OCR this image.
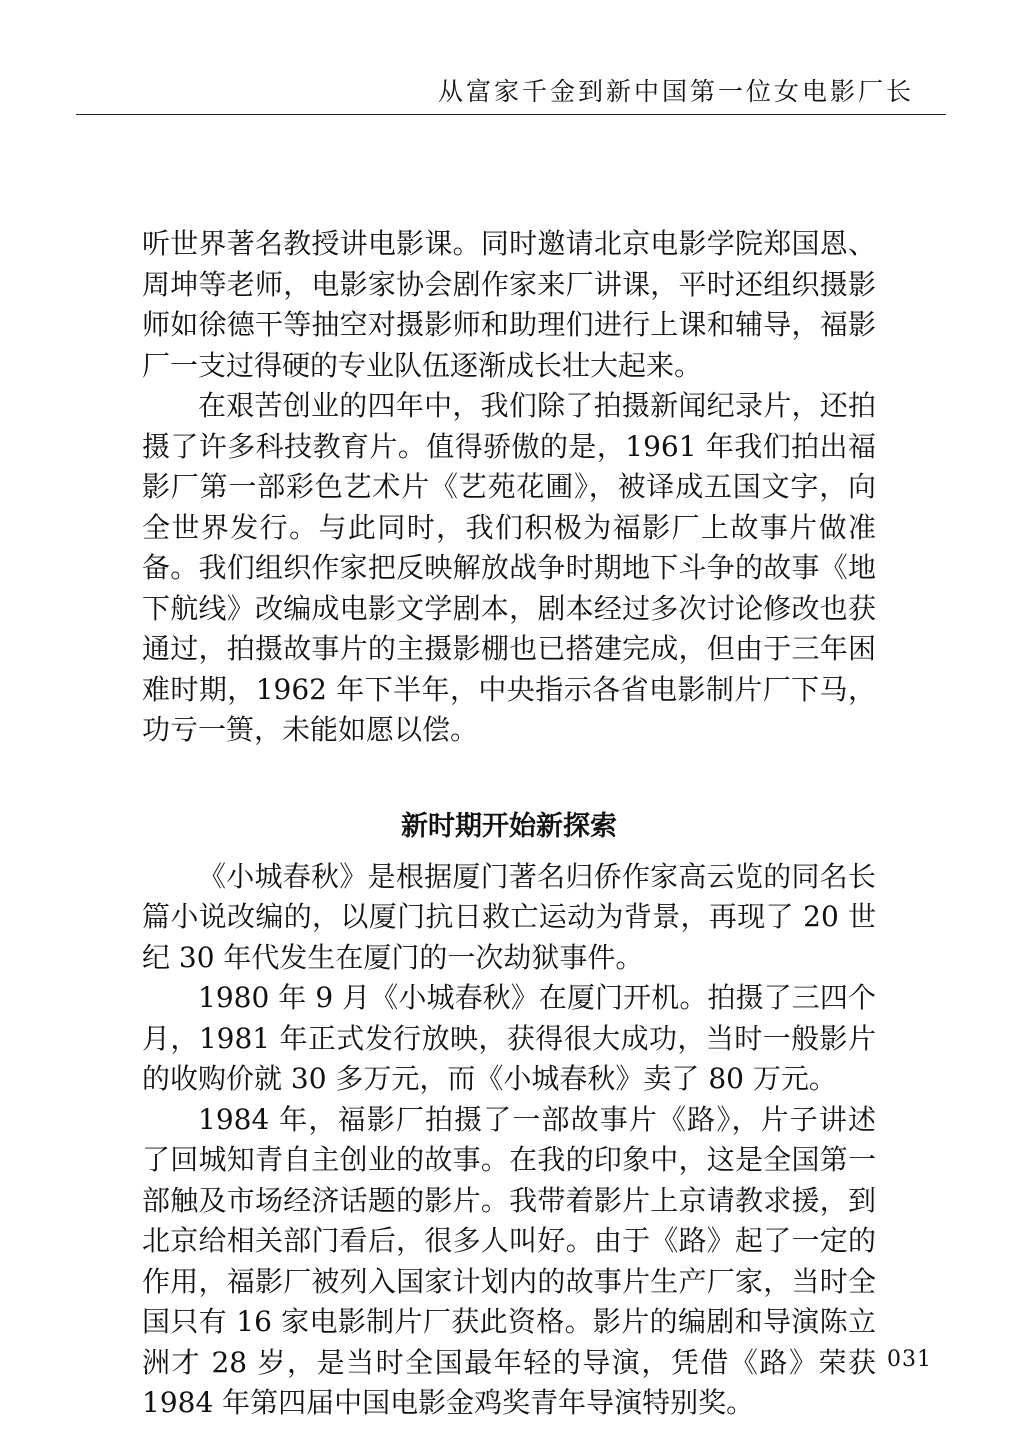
从富家千金到新中国第一位女电影厂长

听世界著名教授讲电影课。同时邀请北京电影学院郑国恩、周坤等老师，电影家协会剧作家来厂讲课，平时还组织摄影师如徐德干等抽空对摄影师和助理们进行上课和辅导，福影厂一支过得硬的专业队伍逐渐成长壮大起来。

在艰苦创业的四年中，我们除了拍摄新闻纪录片，还拍摄了许多科技教育片。值得骄傲的是，1961 年我们拍出福影厂第一部彩色艺术片《艺苑花圃》，被译成五国文字，向全世界发行。与此同时，我们积极为福影厂上故事片做准备。我们组织作家把反映解放战争时期地下斗争的故事《地下航线》改编成电影文学剧本，剧本经过多次讨论修改也获通过，拍摄故事片的主摄影棚也已搭建完成，但由于三年困难时期，1962 年下半年，中央指示各省电影制片厂下马，功亏一篑，未能如愿以偿。

新时期开始新探索

《小城春秋》是根据厦门著名归侨作家高云览的同名长篇小说改编的，以厦门抗日救亡运动为背景，再现了 20 世纪 30 年代发生在厦门的一次劫狱事件。

1980 年 9 月《小城春秋》在厦门开机。拍摄了三四个月，1981 年正式发行放映，获得很大成功，当时一般影片的收购价就 30 多万元，而《小城春秋》卖了 80 万元。

1984 年，福影厂拍摄了一部故事片《路》，片子讲述了回城知青自主创业的故事。在我的印象中，这是全国第一部触及市场经济话题的影片。我带着影片上京请教求援，到北京给相关部门看后，很多人叫好。由于《路》起了一定的作用，福影厂被列入国家计划内的故事片生产厂家，当时全国只有 16 家电影制片厂获此资格。影片的编剧和导演陈立洲才 28 岁，是当时全国最年轻的导演，凭借《路》荣获 1984 年第四届中国电影金鸡奖青年导演特别奖。

031
